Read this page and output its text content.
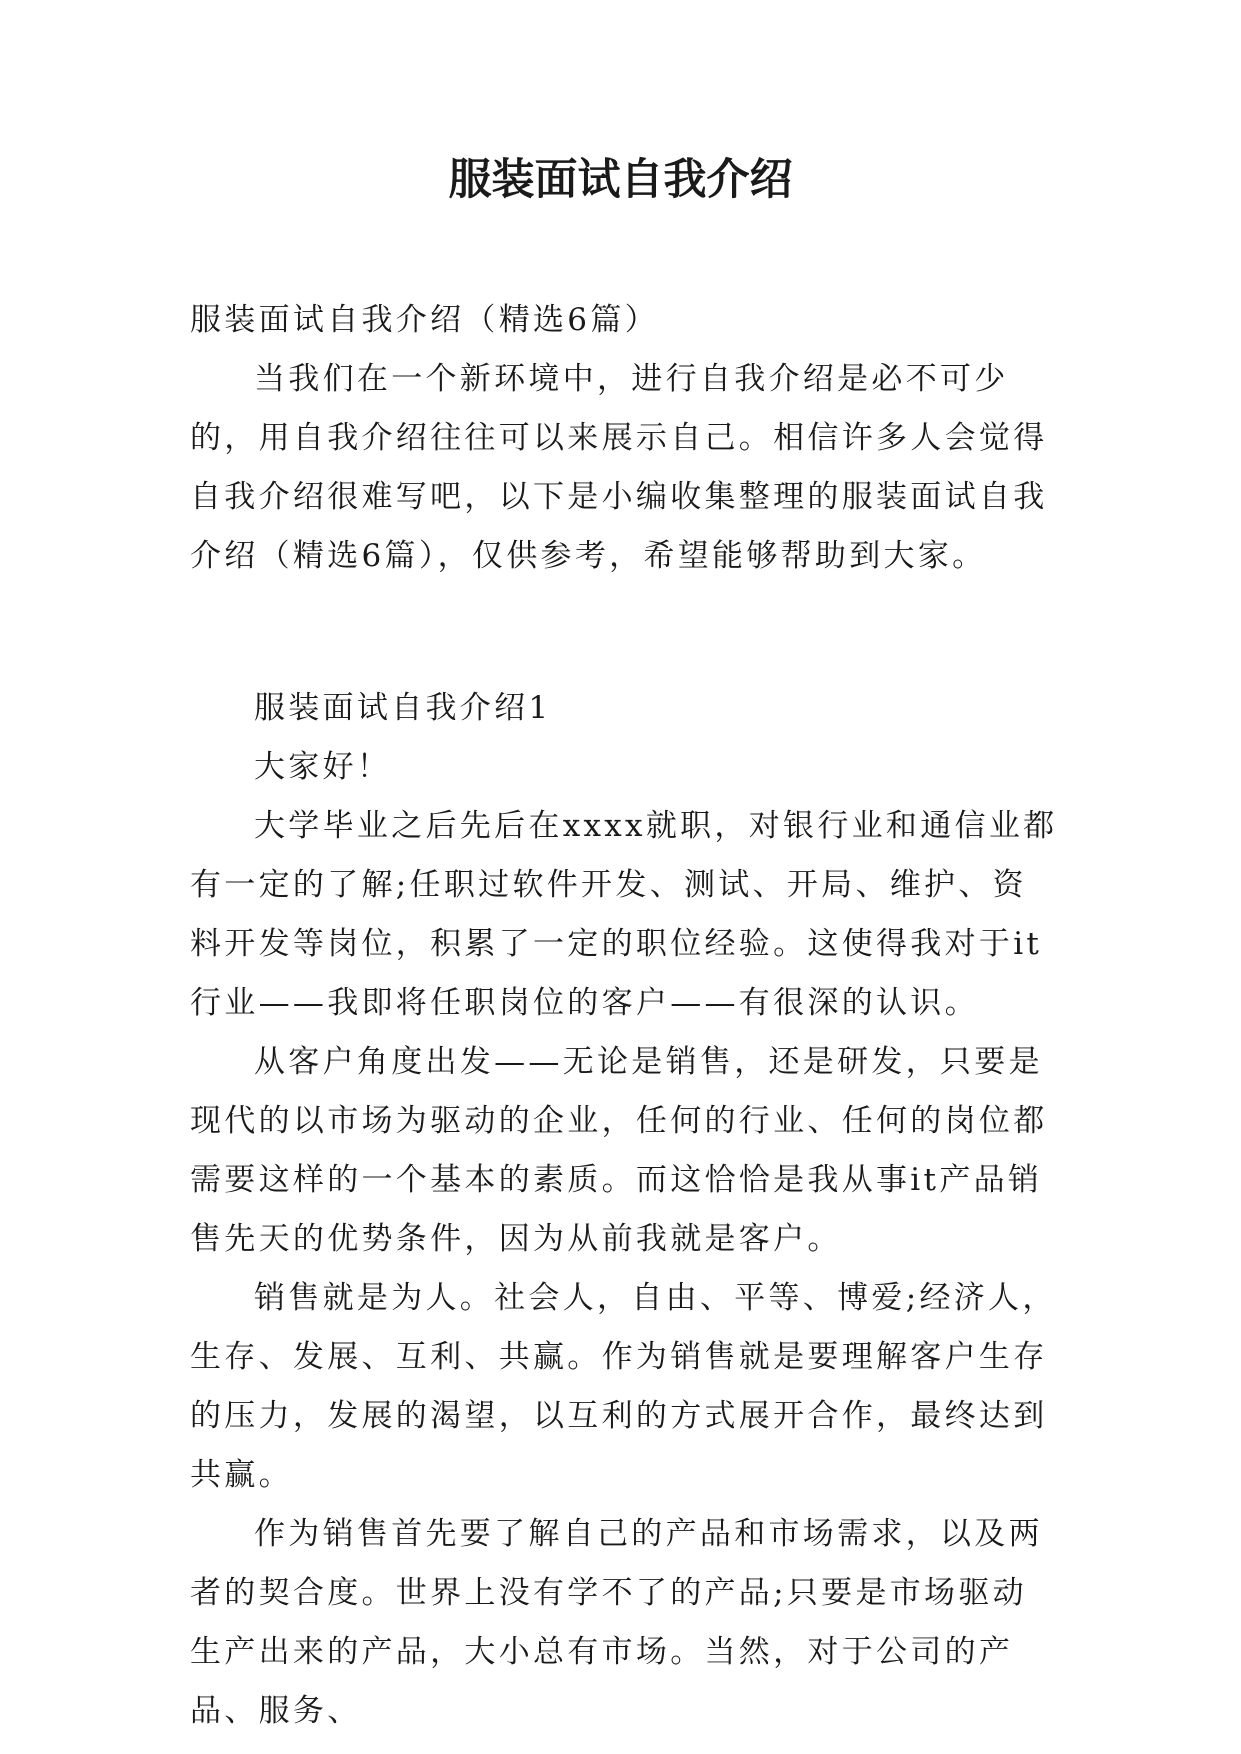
服装面试自我介绍

服装面试自我介绍（精选6篇）

当我们在一个新环境中，进行自我介绍是必不可少的，用自我介绍往往可以来展示自己。相信许多人会觉得自我介绍很难写吧，以下是小编收集整理的服装面试自我介绍（精选6篇），仅供参考，希望能够帮助到大家。

服装面试自我介绍1

大家好！

大学毕业之后先后在xxxx就职，对银行业和通信业都有一定的了解;任职过软件开发、测试、开局、维护、资料开发等岗位，积累了一定的职位经验。这使得我对于it行业——我即将任职岗位的客户——有很深的认识。

从客户角度出发——无论是销售，还是研发，只要是现代的以市场为驱动的企业，任何的行业、任何的岗位都需要这样的一个基本的素质。而这恰恰是我从事it产品销售先天的优势条件，因为从前我就是客户。

销售就是为人。社会人，自由、平等、博爱;经济人，生存、发展、互利、共赢。作为销售就是要理解客户生存的压力，发展的渴望，以互利的方式展开合作，最终达到共赢。

作为销售首先要了解自己的产品和市场需求，以及两者的契合度。世界上没有学不了的产品;只要是市场驱动生产出来的产品，大小总有市场。当然，对于公司的产品、服务、
